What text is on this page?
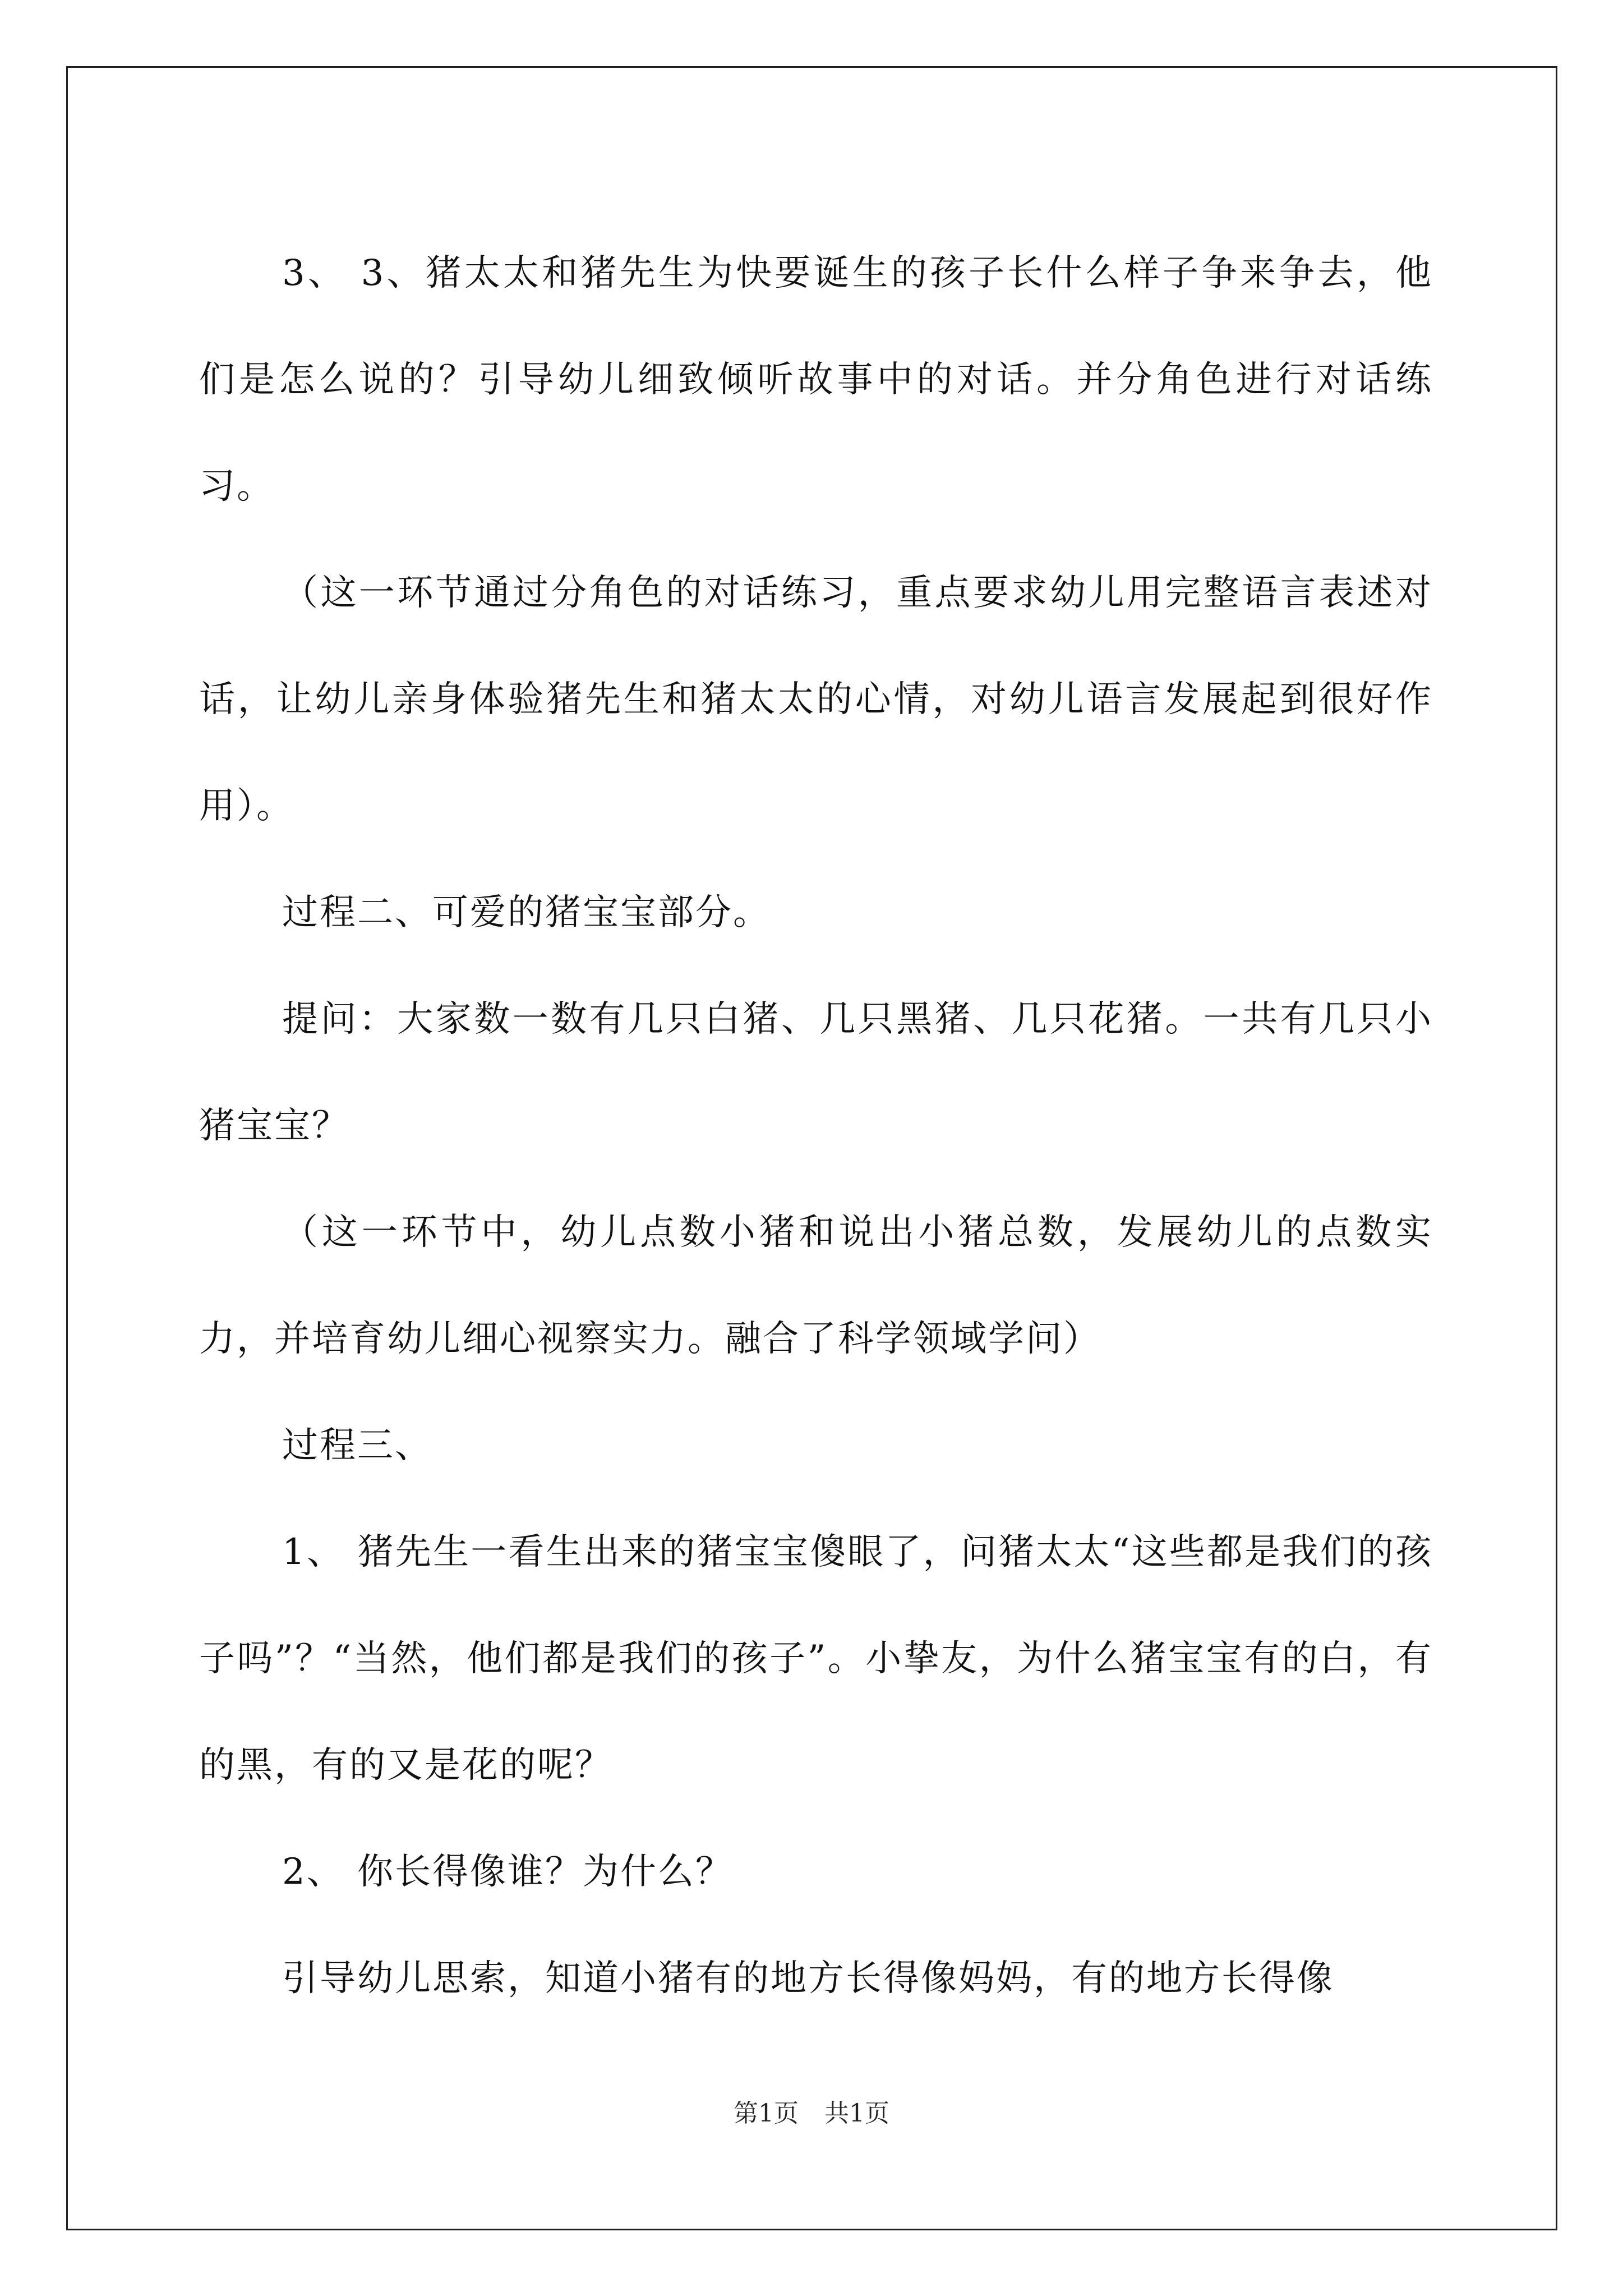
3、 3、猪太太和猪先生为快要诞生的孩子长什么样子争来争去，他们是怎么说的？引导幼儿细致倾听故事中的对话。并分角色进行对话练习。

（这一环节通过分角色的对话练习，重点要求幼儿用完整语言表述对话，让幼儿亲身体验猪先生和猪太太的心情，对幼儿语言发展起到很好作用）。

过程二、可爱的猪宝宝部分。

提问：大家数一数有几只白猪、几只黑猪、几只花猪。一共有几只小猪宝宝？

（这一环节中，幼儿点数小猪和说出小猪总数，发展幼儿的点数实力，并培育幼儿细心视察实力。融合了科学领域学问）

过程三、

1、 猪先生一看生出来的猪宝宝傻眼了，问猪太太“这些都是我们的孩子吗”？“当然，他们都是我们的孩子”。小挚友，为什么猪宝宝有的白，有的黑，有的又是花的呢？

2、 你长得像谁？为什么？

引导幼儿思索，知道小猪有的地方长得像妈妈，有的地方长得像

第1页 共1页
